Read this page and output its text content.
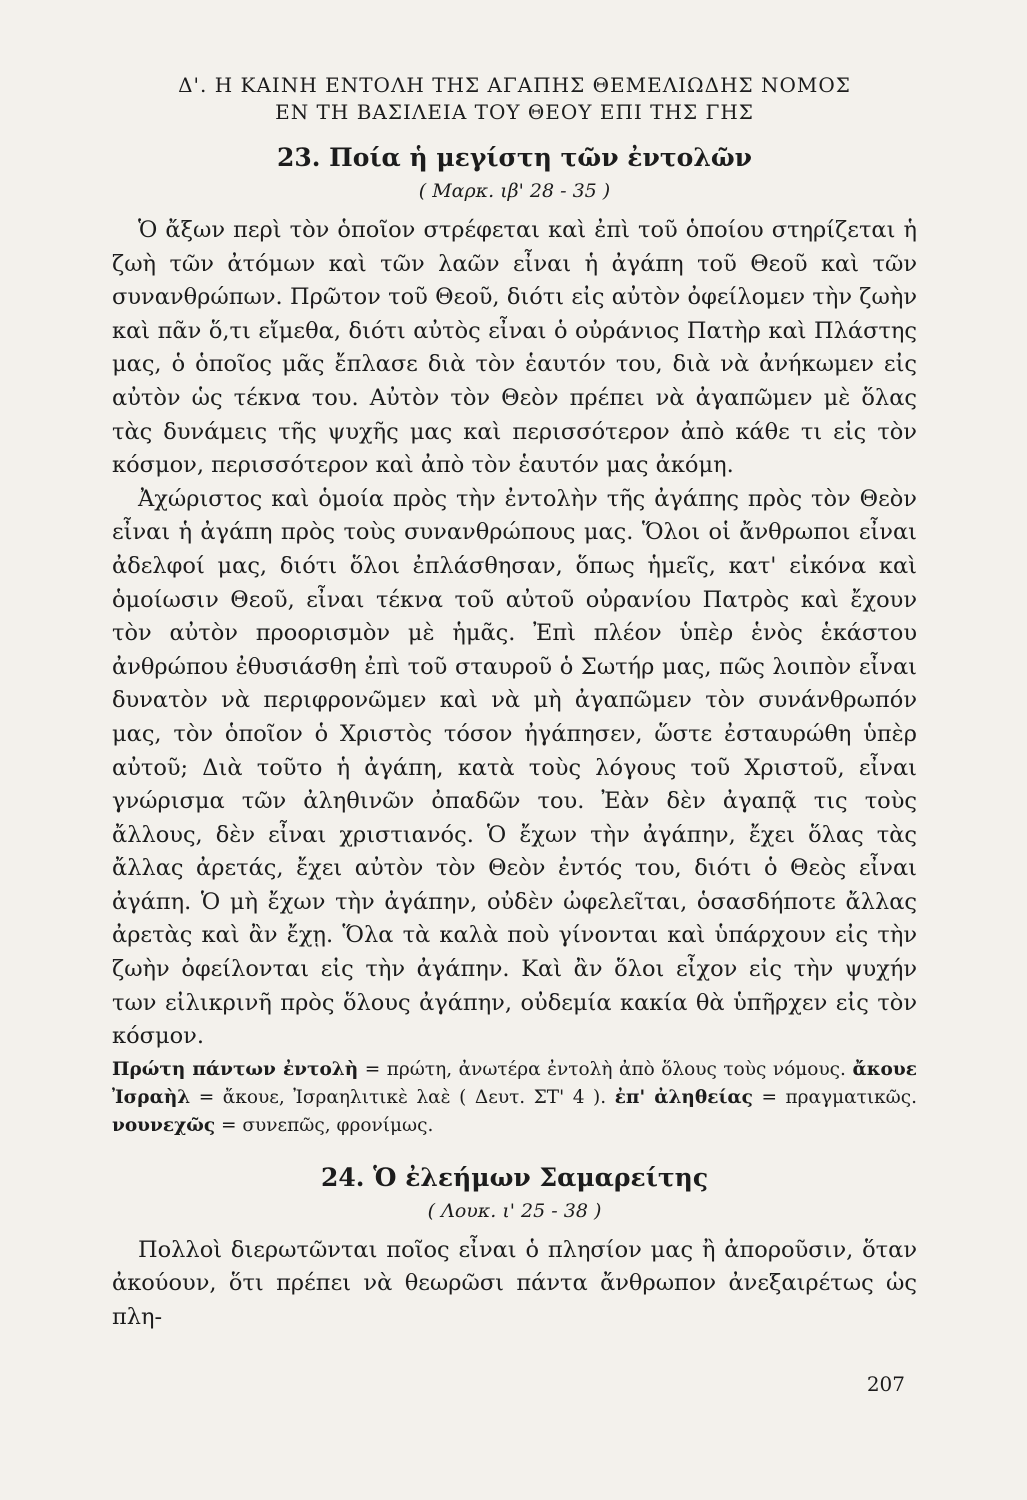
Δ'. Η ΚΑΙΝΗ ΕΝΤΟΛΗ ΤΗΣ ΑΓΑΠΗΣ ΘΕΜΕΛΙΩΔΗΣ ΝΟΜΟΣ

ΕΝ ΤΗ ΒΑΣΙΛΕΙΑ ΤΟΥ ΘΕΟΥ ΕΠΙ ΤΗΣ ΓΗΣ

23. Ποία ἡ μεγίστη τῶν ἐντολῶν
( Μαρκ. ιβ' 28 - 35 )

Ὁ ἄξων περὶ τὸν ὁποῖον στρέφεται καὶ ἐπὶ τοῦ ὁποίου στηρίζεται ἡ ζωὴ τῶν ἀτόμων καὶ τῶν λαῶν εἶναι ἡ ἀγάπη τοῦ Θεοῦ καὶ τῶν συνανθρώπων. Πρῶτον τοῦ Θεοῦ, διότι εἰς αὐτὸν ὀφείλομεν τὴν ζωὴν καὶ πᾶν ὅ,τι εἴμεθα, διότι αὐτὸς εἶναι ὁ οὐράνιος Πατὴρ καὶ Πλάστης μας, ὁ ὁποῖος μᾶς ἔπλασε διὰ τὸν ἑαυτόν του, διὰ νὰ ἀνήκωμεν εἰς αὐτὸν ὡς τέκνα του. Αὐτὸν τὸν Θεὸν πρέπει νὰ ἀγαπῶμεν μὲ ὅλας τὰς δυνάμεις τῆς ψυχῆς μας καὶ περισσότερον ἀπὸ κάθε τι εἰς τὸν κόσμον, περισσότερον καὶ ἀπὸ τὸν ἑαυτόν μας ἀκόμη.

Ἀχώριστος καὶ ὁμοία πρὸς τὴν ἐντολὴν τῆς ἀγάπης πρὸς τὸν Θεὸν εἶναι ἡ ἀγάπη πρὸς τοὺς συνανθρώπους μας. Ὅλοι οἱ ἄνθρωποι εἶναι ἀδελφοί μας, διότι ὅλοι ἐπλάσθησαν, ὅπως ἡμεῖς, κατ' εἰκόνα καὶ ὁμοίωσιν Θεοῦ, εἶναι τέκνα τοῦ αὐτοῦ οὐρανίου Πατρὸς καὶ ἔχουν τὸν αὐτὸν προορισμὸν μὲ ἡμᾶς. Ἐπὶ πλέον ὑπὲρ ἑνὸς ἑκάστου ἀνθρώπου ἐθυσιάσθη ἐπὶ τοῦ σταυροῦ ὁ Σωτήρ μας, πῶς λοιπὸν εἶναι δυνατὸν νὰ περιφρονῶμεν καὶ νὰ μὴ ἀγαπῶμεν τὸν συνάνθρωπόν μας, τὸν ὁποῖον ὁ Χριστὸς τόσον ἠγάπησεν, ὥστε ἐσταυρώθη ὑπὲρ αὐτοῦ; Διὰ τοῦτο ἡ ἀγάπη, κατὰ τοὺς λόγους τοῦ Χριστοῦ, εἶναι γνώρισμα τῶν ἀληθινῶν ὀπαδῶν του. Ἐὰν δὲν ἀγαπᾷ τις τοὺς ἄλλους, δὲν εἶναι χριστιανός. Ὁ ἔχων τὴν ἀγάπην, ἔχει ὅλας τὰς ἄλλας ἀρετάς, ἔχει αὐτὸν τὸν Θεὸν ἐντός του, διότι ὁ Θεὸς εἶναι ἀγάπη. Ὁ μὴ ἔχων τὴν ἀγάπην, οὐδὲν ὠφελεῖται, ὁσασδήποτε ἄλλας ἀρετὰς καὶ ἂν ἔχῃ. Ὅλα τὰ καλὰ ποὺ γίνονται καὶ ὑπάρχουν εἰς τὴν ζωὴν ὀφείλονται εἰς τὴν ἀγάπην. Καὶ ἂν ὅλοι εἶχον εἰς τὴν ψυχήν των εἰλικρινῆ πρὸς ὅλους ἀγάπην, οὐδεμία κακία θὰ ὑπῆρχεν εἰς τὸν κόσμον.

Πρώτη πάντων ἐντολὴ = πρώτη, ἀνωτέρα ἐντολὴ ἀπὸ ὅλους τοὺς νόμους. ἄκουε Ἰσραὴλ = ἄκουε, Ἰσραηλιτικὲ λαὲ ( Δευτ. ΣΤ' 4 ). ἐπ' ἀληθείας = πραγματικῶς. νουνεχῶς = συνεπῶς, φρονίμως.

24. Ὁ ἐλεήμων Σαμαρείτης
( Λουκ. ι' 25 - 38 )

Πολλοὶ διερωτῶνται ποῖος εἶναι ὁ πλησίον μας ἢ ἀποροῦσιν, ὅταν ἀκούουν, ὅτι πρέπει νὰ θεωρῶσι πάντα ἄνθρωπον ἀνεξαιρέτως ὡς πλη-

207
